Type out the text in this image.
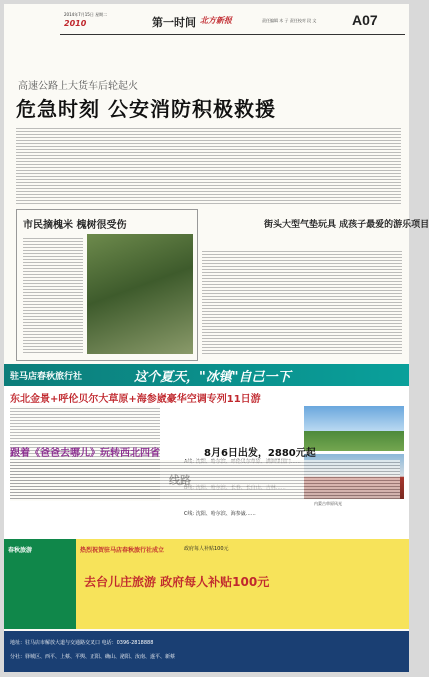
2014年7月15日 星期二
2010	第一时间 北方新报	责任编辑 木 子 责任校对 段 文	A07
高速公路上大货车后轮起火
危急时刻 公安消防积极救援
市民摘槐米 槐树很受伤	街头大型气垫玩具 成孩子最爱的游乐项目
驻马店春秋旅行社	这个夏天，"冰镇"自己一下
东北金景+呼伦贝尔大草原+海参崴豪华空调专列11日游
C线: 沈阳、哈尔滨、海参崴……
内蒙古草原风光
跟着《爸爸去哪儿》玩转西北四省	8月6日出发，2880元起
春秋旅游	热烈祝贺驻马店春秋旅行社成立	政府每人补贴100元
去台儿庄旅游 政府每人补贴100元
地址：驻马店市解放大道与交通路交叉口 电话：0396-2818888
分社：驿城区、西平、上蔡、平舆、正阳、确山、泌阳、汝南、遂平、新蔡
